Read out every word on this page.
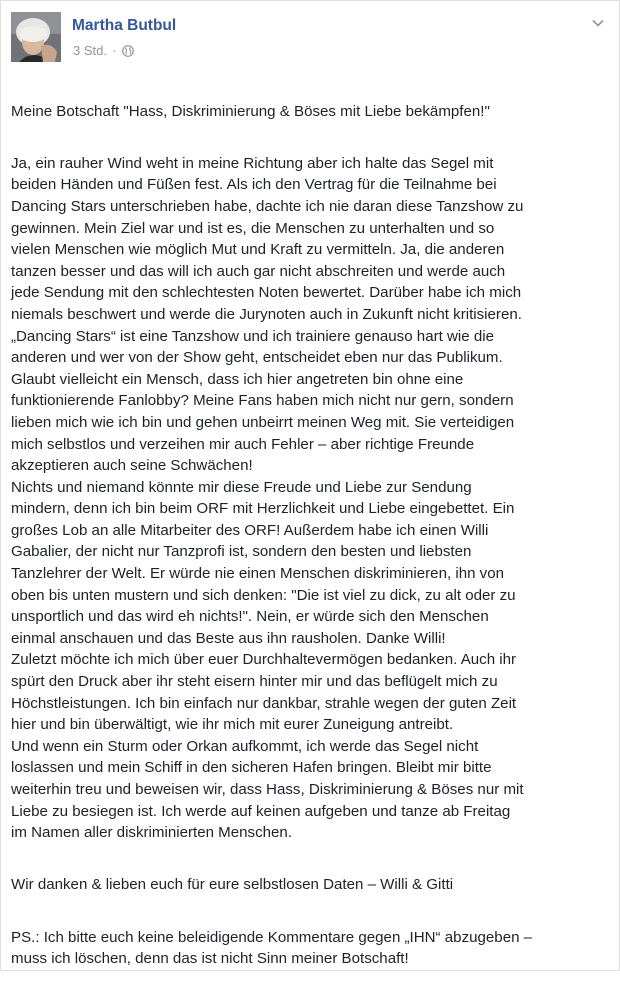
Martha Butbul
3 Std. ·

Meine Botschaft "Hass, Diskriminierung & Böses mit Liebe bekämpfen!"

Ja, ein rauher Wind weht in meine Richtung aber ich halte das Segel mit
beiden Händen und Füßen fest. Als ich den Vertrag für die Teilnahme bei
Dancing Stars unterschrieben habe, dachte ich nie daran diese Tanzshow zu
gewinnen. Mein Ziel war und ist es, die Menschen zu unterhalten und so
vielen Menschen wie möglich Mut und Kraft zu vermitteln. Ja, die anderen
tanzen besser und das will ich auch gar nicht abschreiten und werde auch
jede Sendung mit den schlechtesten Noten bewertet. Darüber habe ich mich
niemals beschwert und werde die Jurynoten auch in Zukunft nicht kritisieren.
„Dancing Stars“ ist eine Tanzshow und ich trainiere genauso hart wie die
anderen und wer von der Show geht, entscheidet eben nur das Publikum.
Glaubt vielleicht ein Mensch, dass ich hier angetreten bin ohne eine
funktionierende Fanlobby? Meine Fans haben mich nicht nur gern, sondern
lieben mich wie ich bin und gehen unbeirrt meinen Weg mit. Sie verteidigen
mich selbstlos und verzeihen mir auch Fehler – aber richtige Freunde
akzeptieren auch seine Schwächen!
Nichts und niemand könnte mir diese Freude und Liebe zur Sendung
mindern, denn ich bin beim ORF mit Herzlichkeit und Liebe eingebettet. Ein
großes Lob an alle Mitarbeiter des ORF! Außerdem habe ich einen Willi
Gabalier, der nicht nur Tanzprofi ist, sondern den besten und liebsten
Tanzlehrer der Welt. Er würde nie einen Menschen diskriminieren, ihn von
oben bis unten mustern und sich denken: "Die ist viel zu dick, zu alt oder zu
unsportlich und das wird eh nichts!". Nein, er würde sich den Menschen
einmal anschauen und das Beste aus ihn rausholen. Danke Willi!
Zuletzt möchte ich mich über euer Durchhaltevermögen bedanken. Auch ihr
spürt den Druck aber ihr steht eisern hinter mir und das beflügelt mich zu
Höchstleistungen. Ich bin einfach nur dankbar, strahle wegen der guten Zeit
hier und bin überwältigt, wie ihr mich mit eurer Zuneigung antreibt.
Und wenn ein Sturm oder Orkan aufkommt, ich werde das Segel nicht
loslassen und mein Schiff in den sicheren Hafen bringen. Bleibt mir bitte
weiterhin treu und beweisen wir, dass Hass, Diskriminierung & Böses nur mit
Liebe zu besiegen ist. Ich werde auf keinen aufgeben und tanze ab Freitag
im Namen aller diskriminierten Menschen.

Wir danken & lieben euch für eure selbstlosen Daten – Willi & Gitti

PS.: Ich bitte euch keine beleidigende Kommentare gegen „IHN“ abzugeben –
muss ich löschen, denn das ist nicht Sinn meiner Botschaft!
